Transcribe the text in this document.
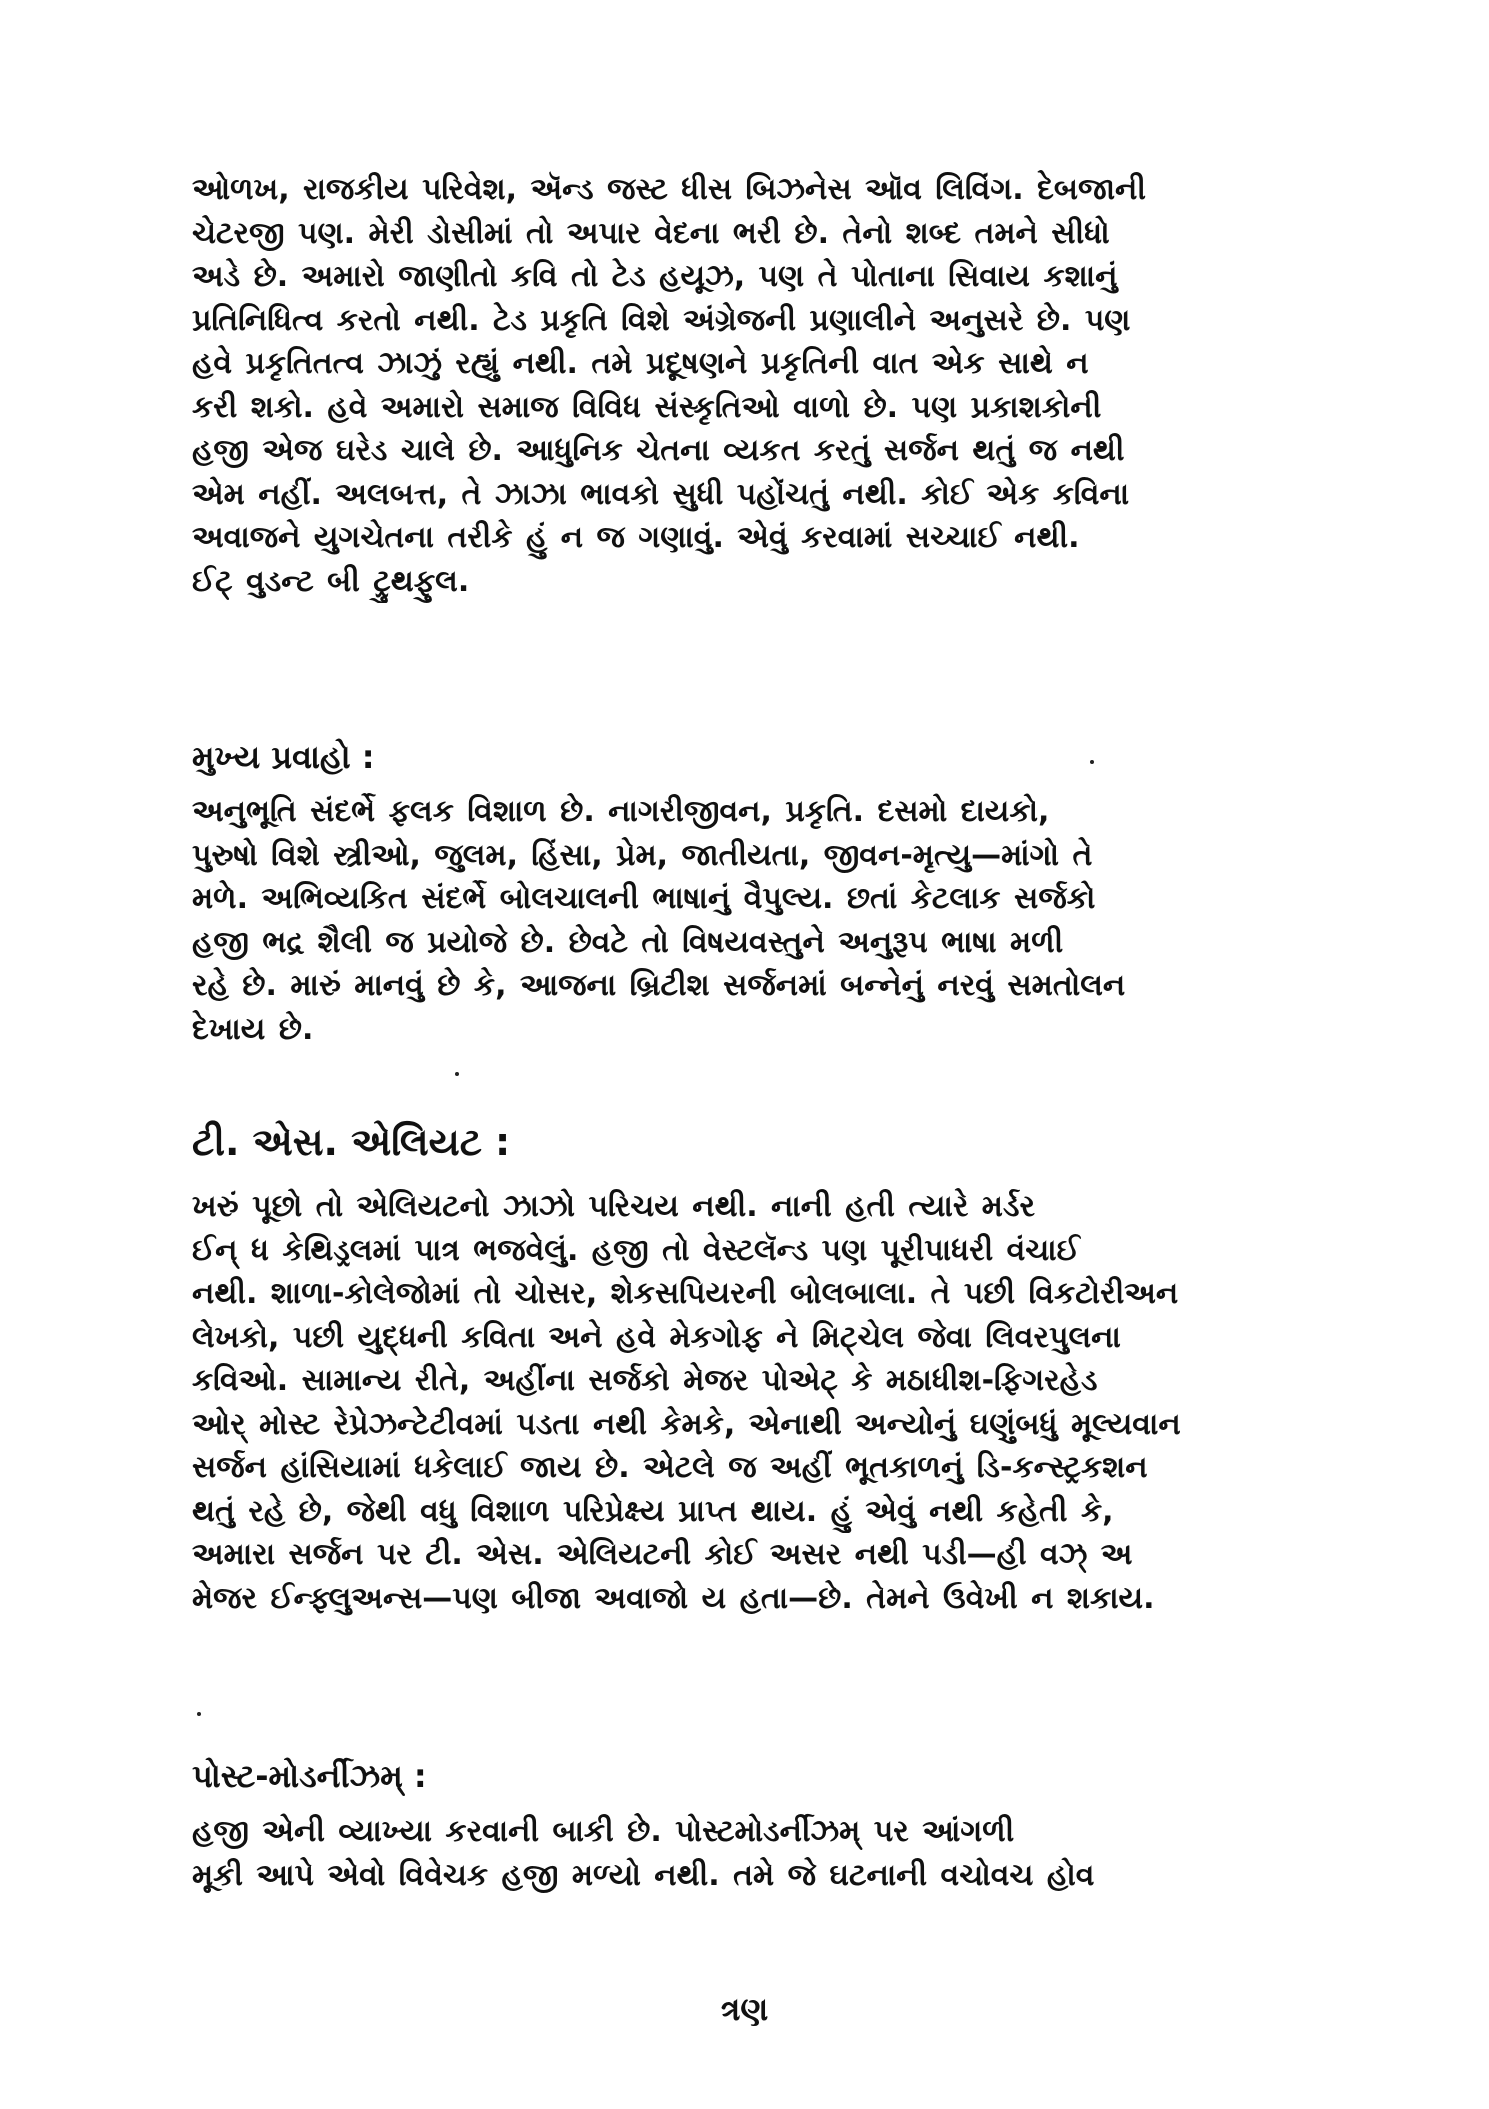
ઓળખ, રાજકીય પરિવેશ, ઍન્ડ જસ્ટ ધીસ બિઝનેસ ઑવ લિવિંગ. દેબજાની
ચેટરજી પણ. મેરી ડોસીમાં તો અપાર વેદના ભરી છે. તેનો શબ્દ તમને સીધો
અડે છે. અમારો જાણીતો કવિ તો ટેડ હયૂઝ, પણ તે પોતાના સિવાય કશાનું
પ્રતિનિધિત્વ કરતો નથી. ટેડ પ્રકૃતિ વિશે અંગ્રેજની પ્રણાલીને અનુસરે છે. પણ
હવે પ્રકૃતિતત્વ ઝાઝું રહ્યું નથી. તમે પ્રદૂષણને પ્રકૃતિની વાત એક સાથે ન
કરી શકો. હવે અમારો સમાજ વિવિધ સંસ્કૃતિઓ વાળો છે. પણ પ્રકાશકોની
હજી એજ ઘરેડ ચાલે છે. આધુનિક ચેતના વ્યકત કરતું સર્જન થતું જ નથી
એમ નહીં. અલબત્ત, તે ઝાઝા ભાવકો સુધી પહોંચતું નથી. કોઈ એક કવિના
અવાજને યુગચેતના તરીકે હું ન જ ગણાવું. એવું કરવામાં સચ્ચાઈ નથી.
ઈટ્ વુડન્ટ બી ટ્રુથફુલ.
મુખ્ય પ્રવાહો :
અનુભૂતિ સંદર્ભે ફલક વિશાળ છે. નાગરીજીવન, પ્રકૃતિ. દસમો દાયકો,
પુરુષો વિશે સ્ત્રીઓ, જુલમ, હિંસા, પ્રેમ, જાતીયતા, જીવન-મૃત્યુ—માંગો તે
મળે. અભિવ્યકિત સંદર્ભે બોલચાલની ભાષાનું વૈપુલ્ય. છતાં કેટલાક સર્જકો
હજી ભદ્ર શૈલી જ પ્રયોજે છે. છેવટે તો વિષયવસ્તુને અનુરૂપ ભાષા મળી
રહે છે. મારું માનવું છે કે, આજના બ્રિટીશ સર્જનમાં બન્નેનું નરવું સમતોલન
દેખાય છે.
ટી. એસ. એલિયટ :
ખરું પૂછો તો એલિયટનો ઝાઝો પરિચય નથી. નાની હતી ત્યારે મર્ડર
ઈન્ ધ કેથિડ્રલમાં પાત્ર ભજવેલું. હજી તો વેસ્ટલૅન્ડ પણ પૂરીપાધરી વંચાઈ
નથી. શાળા-કોલેજોમાં તો ચોસર, શેકસપિયરની બોલબાલા. તે પછી વિકટોરીઅન
લેખકો, પછી યુદ્ધની કવિતા અને હવે મેકગોફ ને મિટ્ચેલ જેવા લિવરપુલના
કવિઓ. સામાન્ય રીતે, અહીંના સર્જકો મેજર પોએટ્ કે મઠાધીશ-ફિગરહેડ
ઓર્ મોસ્ટ રેપ્રેઝન્ટેટીવમાં પડતા નથી કેમકે, એનાથી અન્યોનું ઘણુંબધું મૂલ્યવાન
સર્જન હાંસિયામાં ધકેલાઈ જાય છે. એટલે જ અહીં ભૂતકાળનું ડિ-કન્સ્ટ્રકશન
થતું રહે છે, જેથી વધુ વિશાળ પરિપ્રેક્ષ્ય પ્રાપ્ત થાય. હું એવું નથી કહેતી કે,
અમારા સર્જન પર ટી. એસ. એલિયટની કોઈ અસર નથી પડી—હી વઝ્ અ
મેજર ઈન્ફ્લુઅન્સ—પણ બીજા અવાજો ય હતા—છે. તેમને ઉવેખી ન શકાય.
પોસ્ટ-મોડર્નીઝમ્ :
હજી એની વ્યાખ્યા કરવાની બાકી છે. પોસ્ટમોડર્નીઝમ્ પર આંગળી
મૂકી આપે એવો વિવેચક હજી મળ્યો નથી. તમે જે ઘટનાની વચોવચ હોવ
ત્રણ
